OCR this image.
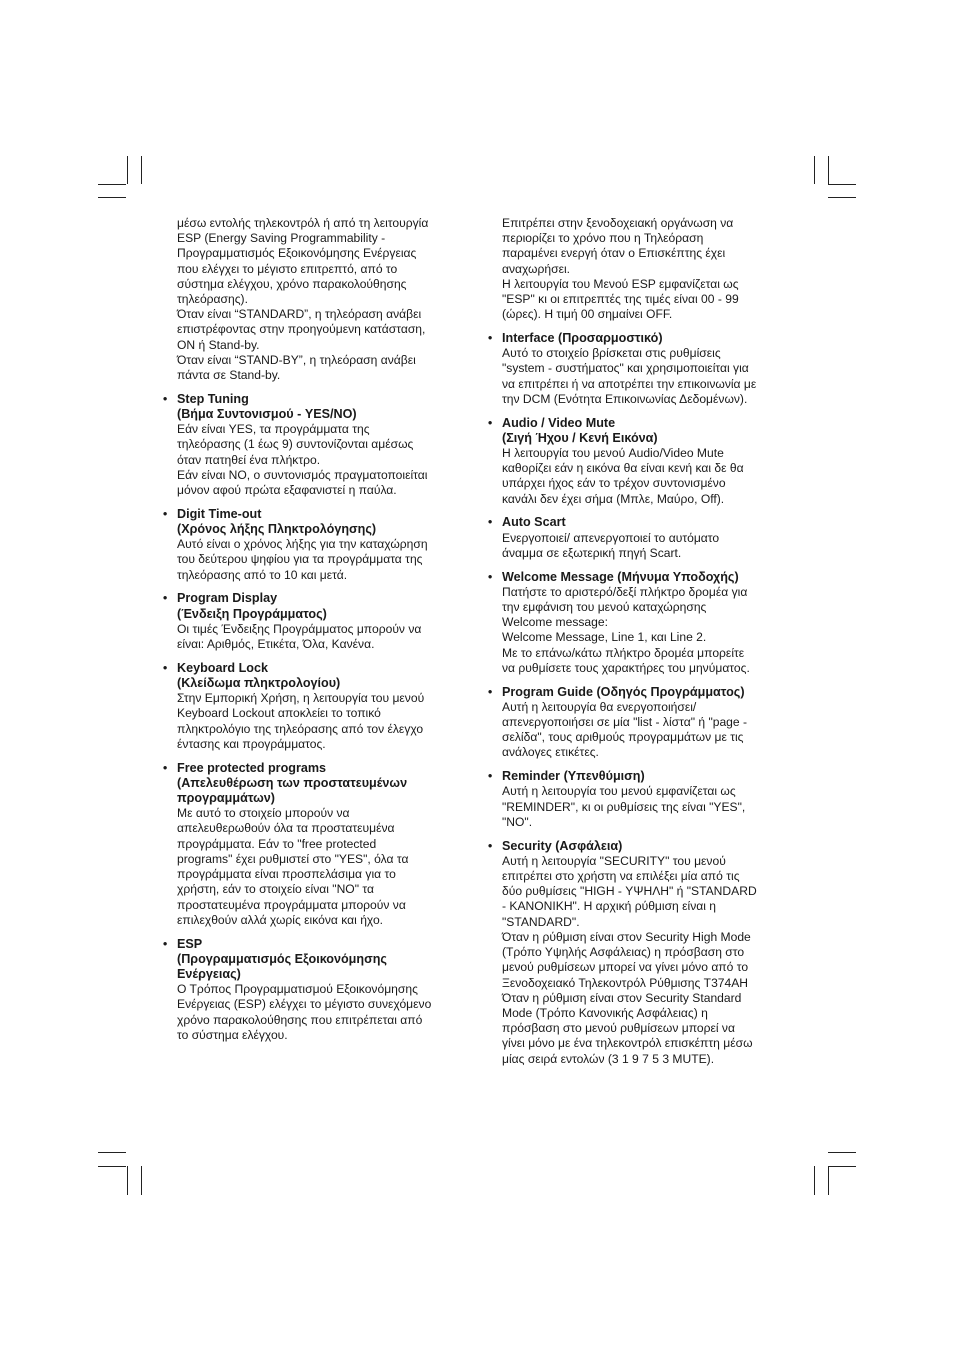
μέσω εντολής τηλεκοντρόλ ή από τη λειτουργία
ESP (Energy Saving Programmability -
Προγραμματισμός Εξοικονόμησης Ενέργειας
που ελέγχει το μέγιστο επιτρεπτό, από το
σύστημα ελέγχου, χρόνο παρακολούθησης
τηλεόρασης).
Όταν είναι “STANDARD”, η τηλεόραση ανάβει
επιστρέφοντας στην προηγούμενη κατάσταση,
ON ή Stand-by.
Όταν είναι “STAND-BY”, η τηλεόραση ανάβει
πάντα σε Stand-by.
• Step Tuning
(Βήμα Συντονισμού - YES/NO)
Εάν είναι YES, τα προγράμματα της
τηλεόρασης (1 έως 9) συντονίζονται αμέσως
όταν πατηθεί ένα πλήκτρο.
Εάν είναι NO, ο συντονισμός πραγματοποιείται
μόνον αφού πρώτα εξαφανιστεί η παύλα.
• Digit Time-out
(Χρόνος λήξης Πληκτρολόγησης)
Αυτό είναι ο χρόνος λήξης για την καταχώρηση
του δεύτερου ψηφίου για τα προγράμματα της
τηλεόρασης από το 10 και μετά.
• Program Display
(Ένδειξη Προγράμματος)
Οι τιμές Ένδειξης Προγράμματος μπορούν να
είναι: Αριθμός, Ετικέτα, Όλα, Κανένα.
• Keyboard Lock
(Κλείδωμα πληκτρολογίου)
Στην Εμπορική Χρήση, η λειτουργία του μενού
Keyboard Lockout αποκλείει το τοπικό
πληκτρολόγιο της τηλεόρασης από τον έλεγχο
έντασης και προγράμματος.
• Free protected programs
(Απελευθέρωση των προστατευμένων
προγραμμάτων)
Με αυτό το στοιχείο μπορούν να
απελευθερωθούν όλα τα προστατευμένα
προγράμματα. Εάν το "free protected
programs" έχει ρυθμιστεί στο "YES", όλα τα
προγράμματα είναι προσπελάσιμα για το
χρήστη, εάν το στοιχείο είναι "NO" τα
προστατευμένα προγράμματα μπορούν να
επιλεχθούν αλλά χωρίς εικόνα και ήχο.
• ESP
(Προγραμματισμός Εξοικονόμησης
Ενέργειας)
Ο Τρόπος Προγραμματισμού Εξοικονόμησης
Ενέργειας (ESP) ελέγχει το μέγιστο συνεχόμενο
χρόνο παρακολούθησης που επιτρέπεται από
το σύστημα ελέγχου.
Επιτρέπει στην ξενοδοχειακή οργάνωση να
περιορίζει το χρόνο που η Τηλεόραση
παραμένει ενεργή όταν ο Επισκέπτης έχει
αναχωρήσει.
Η λειτουργία του Μενού ESP εμφανίζεται ως
"ESP" κι οι επιτρεπτές της τιμές είναι 00 - 99
(ώρες). Η τιμή 00 σημαίνει OFF.
• Interface (Προσαρμοστικό)
Αυτό το στοιχείο βρίσκεται στις ρυθμίσεις
"system - συστήματος" και χρησιμοποιείται για
να επιτρέπει ή να αποτρέπει την επικοινωνία με
την DCM (Ενότητα Επικοινωνίας Δεδομένων).
• Audio / Video Mute
(Σιγή Ήχου / Κενή Εικόνα)
Η λειτουργία του μενού Audio/Video Mute
καθορίζει εάν η εικόνα θα είναι κενή και δε θα
υπάρχει ήχος εάν το τρέχον συντονισμένο
κανάλι δεν έχει σήμα (Μπλε, Μαύρο, Off).
• Auto Scart
Ενεργοποιεί/ απενεργοποιεί το αυτόματο
άναμμα σε εξωτερική πηγή Scart.
• Welcome Message (Μήνυμα Υποδοχής)
Πατήστε το αριστερό/δεξί πλήκτρο δρομέα για
την εμφάνιση του μενού καταχώρησης
Welcome message:
Welcome Message, Line 1, και Line 2.
Με το επάνω/κάτω πλήκτρο δρομέα μπορείτε
να ρυθμίσετε τους χαρακτήρες του μηνύματος.
• Program Guide (Οδηγός Προγράμματος)
Αυτή η λειτουργία θα ενεργοποιήσει/
απενεργοποιήσει σε μία "list - λίστα" ή "page -
σελίδα", τους αριθμούς προγραμμάτων με τις
ανάλογες ετικέτες.
• Reminder (Υπενθύμιση)
Αυτή η λειτουργία του μενού εμφανίζεται ως
"REMINDER", κι οι ρυθμίσεις της είναι "YES",
"NO".
• Security (Ασφάλεια)
Αυτή η λειτουργία "SECURITY" του μενού
επιτρέπει στο χρήστη να επιλέξει μία από τις
δύο ρυθμίσεις "HIGH - ΥΨΗΛΗ" ή "STANDARD
- ΚΑΝΟΝΙΚΗ". Η αρχική ρύθμιση είναι η
"STANDARD".
Όταν η ρύθμιση είναι στον Security High Mode
(Τρόπο Υψηλής Ασφάλειας) η πρόσβαση στο
μενού ρυθμίσεων μπορεί να γίνει μόνο από το
Ξενοδοχειακό Τηλεκοντρόλ Ρύθμισης T374AH
Όταν η ρύθμιση είναι στον Security Standard
Mode (Τρόπο Κανονικής Ασφάλειας) η
πρόσβαση στο μενού ρυθμίσεων μπορεί να
γίνει μόνο με ένα τηλεκοντρόλ επισκέπτη μέσω
μίας σειρά εντολών (3 1 9 7 5 3 MUTE).
